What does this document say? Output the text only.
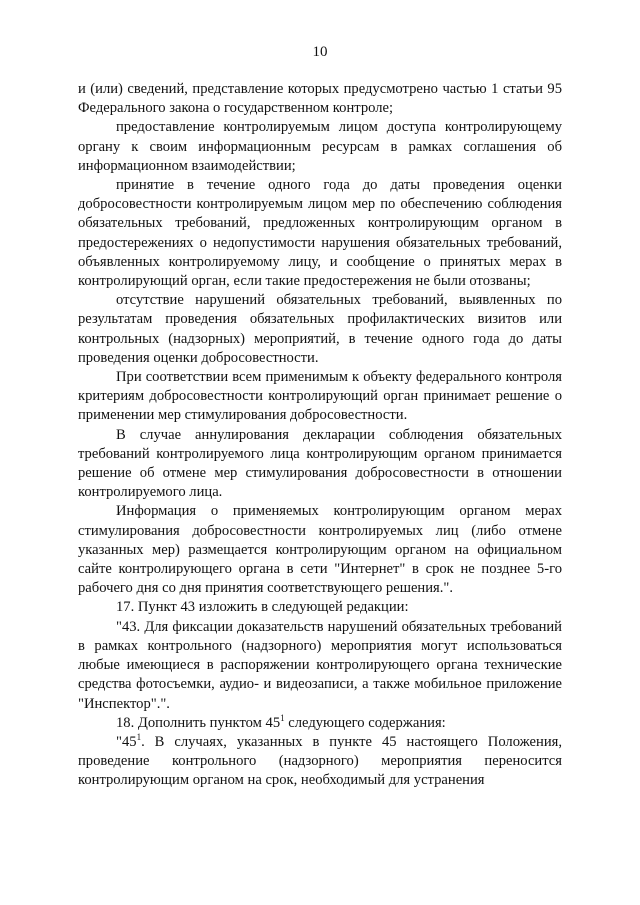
10

и (или) сведений, представление которых предусмотрено частью 1 статьи 95 Федерального закона о государственном контроле;

предоставление контролируемым лицом доступа контролирующему органу к своим информационным ресурсам в рамках соглашения об информационном взаимодействии;

принятие в течение одного года до даты проведения оценки добросовестности контролируемым лицом мер по обеспечению соблюдения обязательных требований, предложенных контролирующим органом в предостережениях о недопустимости нарушения обязательных требований, объявленных контролируемому лицу, и сообщение о принятых мерах в контролирующий орган, если такие предостережения не были отозваны;

отсутствие нарушений обязательных требований, выявленных по результатам проведения обязательных профилактических визитов или контрольных (надзорных) мероприятий, в течение одного года до даты проведения оценки добросовестности.

При соответствии всем применимым к объекту федерального контроля критериям добросовестности контролирующий орган принимает решение о применении мер стимулирования добросовестности.

В случае аннулирования декларации соблюдения обязательных требований контролируемого лица контролирующим органом принимается решение об отмене мер стимулирования добросовестности в отношении контролируемого лица.

Информация о применяемых контролирующим органом мерах стимулирования добросовестности контролируемых лиц (либо отмене указанных мер) размещается контролирующим органом на официальном сайте контролирующего органа в сети "Интернет" в срок не позднее 5-го рабочего дня со дня принятия соответствующего решения.".

17. Пункт 43 изложить в следующей редакции:

"43. Для фиксации доказательств нарушений обязательных требований в рамках контрольного (надзорного) мероприятия могут использоваться любые имеющиеся в распоряжении контролирующего органа технические средства фотосъемки, аудио- и видеозаписи, а также мобильное приложение "Инспектор".".

18. Дополнить пунктом $45^1$ следующего содержания:

"$45^1$. В случаях, указанных в пункте 45 настоящего Положения, проведение контрольного (надзорного) мероприятия переносится контролирующим органом на срок, необходимый для устранения
